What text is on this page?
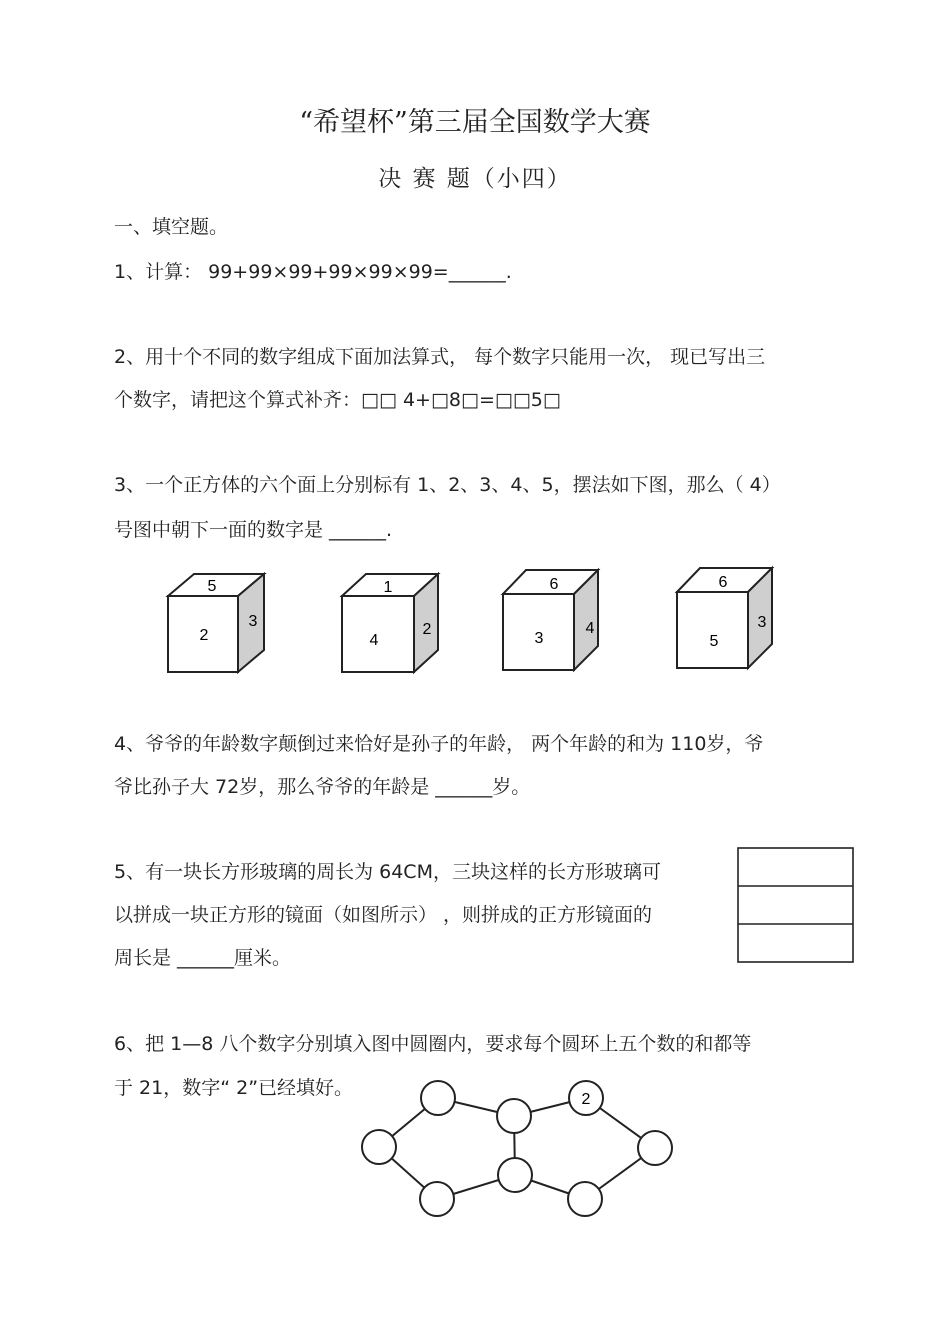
“希望杯”第三届全国数学大赛
决 赛 题（小四）
一、填空题。
1、计算： 99+99×99+99×99×99=______.
2、用十个不同的数字组成下面加法算式， 每个数字只能用一次， 现已写出三
个数字，请把这个算式补齐：□□ 4+□8□=□□5□
3、一个正方体的六个面上分别标有 1、2、3、4、5，摆法如下图，那么（ 4）
号图中朝下一面的数字是 ______.
5
2
3
1
4
2
6
3
4
6
5
3
4、爷爷的年龄数字颠倒过来恰好是孙子的年龄， 两个年龄的和为 110岁，爷
爷比孙子大 72岁，那么爷爷的年龄是 ______岁。
5、有一块长方形玻璃的周长为 64CM，三块这样的长方形玻璃可
以拼成一块正方形的镜面（如图所示） ，则拼成的正方形镜面的
周长是 ______厘米。
6、把 1—8 八个数字分别填入图中圆圈内，要求每个圆环上五个数的和都等
于 21，数字“ 2”已经填好。
2
